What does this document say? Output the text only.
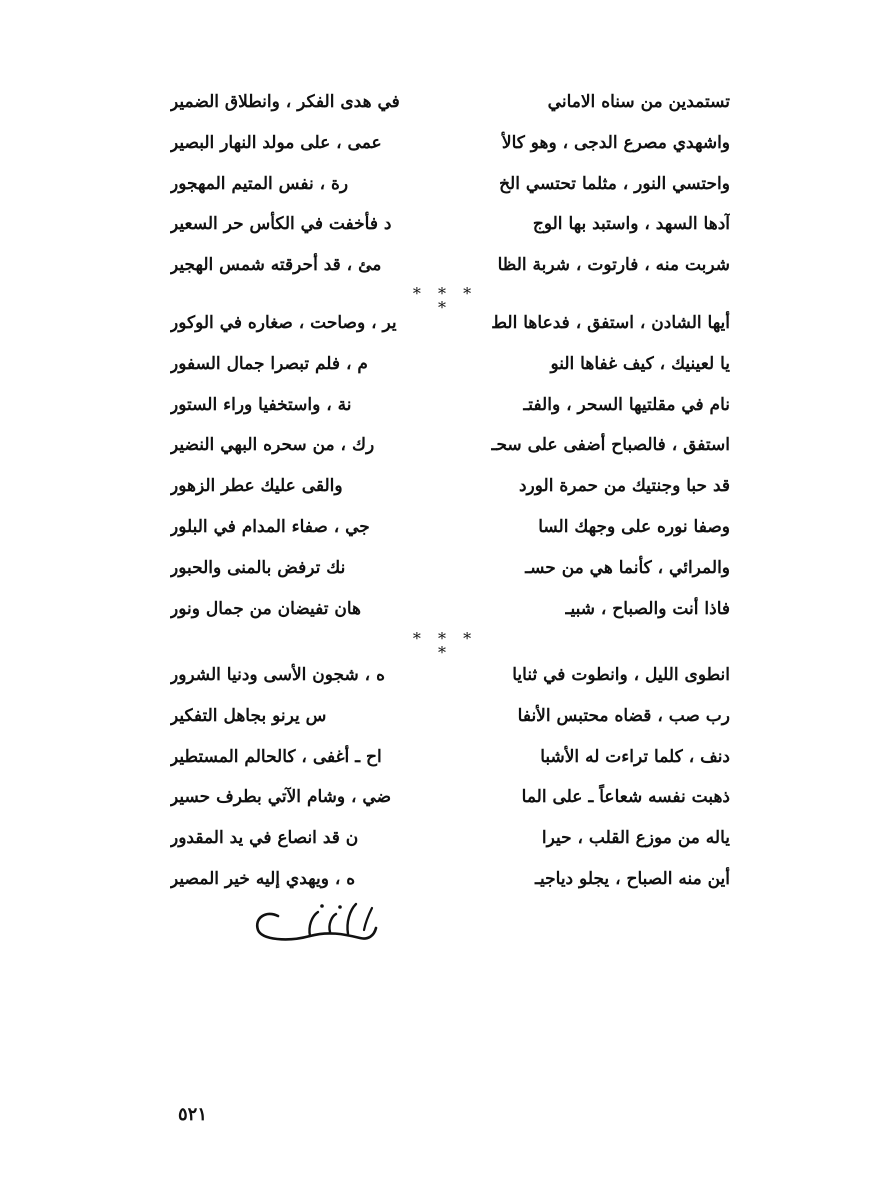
تستمدين من سناه الاماني
في هدى الفكر ، وانطلاق الضمير
واشهدي مصرع الدجى ، وهو كالأ
عمى ، على مولد النهار البصير
واحتسي النور ، مثلما تحتسي الخ
رة ، نفس المتيم المهجور
آدها السهد ، واستبد بها الوج
د فأخفت في الكأس حر السعير
شربت منه ، فارتوت ، شربة الظا
مئ ، قد أحرقته شمس الهجير
* * *
*
أيها الشادن ، استفق ، فدعاها الط
ير ، وصاحت ، صغاره في الوكور
يا لعينيك ، كيف غفاها النو
م ، فلم تبصرا جمال السفور
نام في مقلتيها السحر ، والفتـ
نة ، واستخفيا وراء الستور
استفق ، فالصباح أضفى على سحـ
رك ، من سحره البهي النضير
قد حبا وجنتيك من حمرة الورد
والقى عليك عطر الزهور
وصفا نوره على وجهك السا
جي ، صفاء المدام في البلور
والمرائي ، كأنما هي من حسـ
نك ترفض بالمنى والحبور
فاذا أنت والصباح ، شبيـ
هان تفيضان من جمال ونور
* * *
*
انطوى الليل ، وانطوت في ثنايا
ه ، شجون الأسى ودنيا الشرور
رب صب ، قضاه محتبس الأنفا
س يرنو بجاهل التفكير
دنف ، كلما تراءت له الأشبا
اح ـ أغفى ، كالحالم المستطير
ذهبت نفسه شعاعاً ـ على الما
ضي ، وشام الآتي بطرف حسير
ياله من موزع القلب ، حيرا
ن قد انصاع في يد المقدور
أين منه الصباح ، يجلو دياجيـ
ه ، ويهدي إليه خير المصير
٥٢١
